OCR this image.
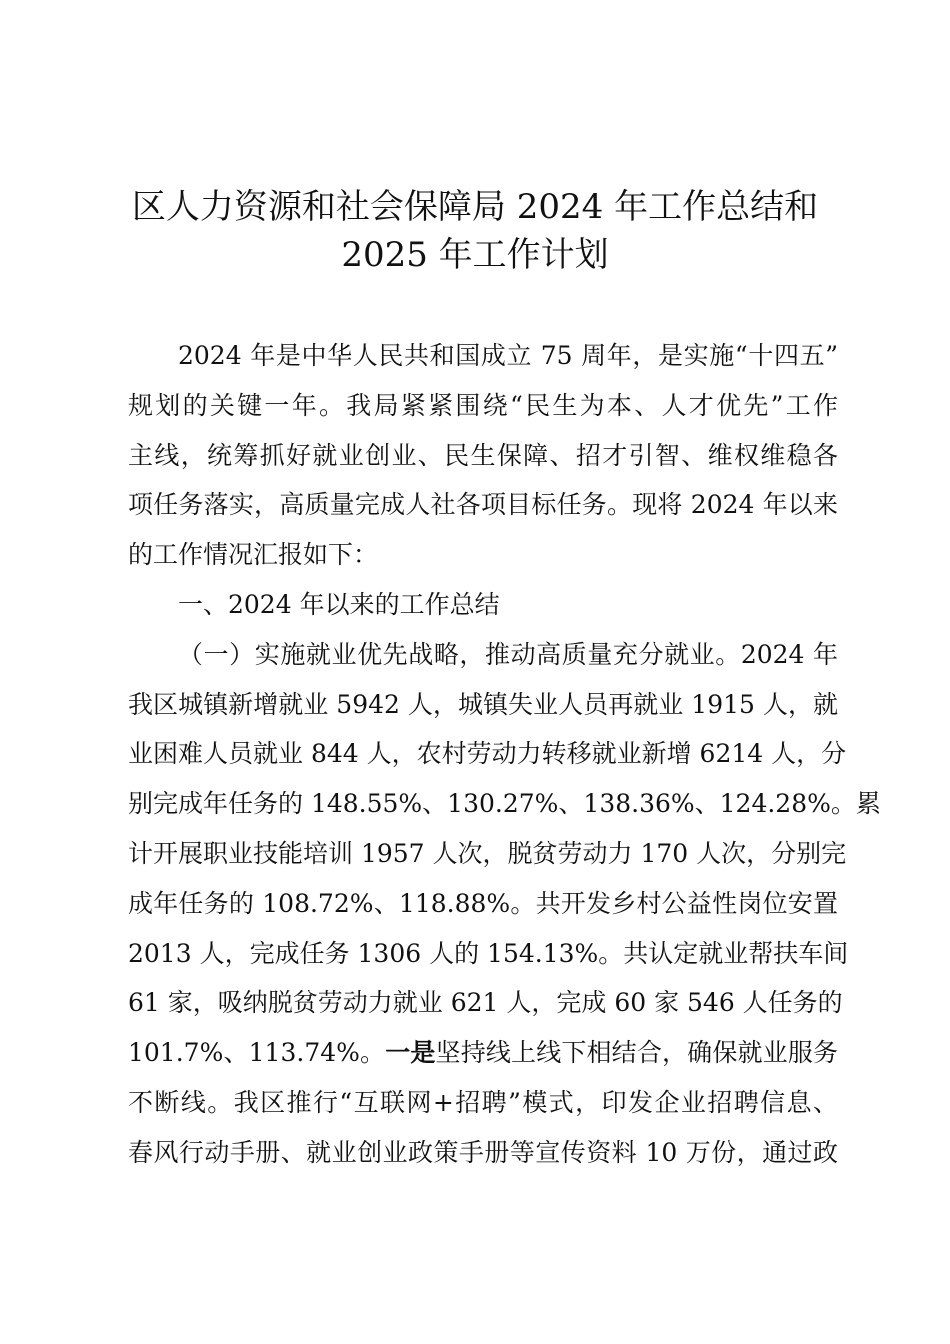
区人力资源和社会保障局 2024 年工作总结和
2025 年工作计划
2024 年是中华人民共和国成立 75 周年，是实施“十四五”
规划的关键一年。我局紧紧围绕“民生为本、人才优先”工作
主线，统筹抓好就业创业、民生保障、招才引智、维权维稳各
项任务落实，高质量完成人社各项目标任务。现将 2024 年以来
的工作情况汇报如下：
一、2024 年以来的工作总结
（一）实施就业优先战略，推动高质量充分就业。2024 年
我区城镇新增就业 5942 人，城镇失业人员再就业 1915 人，就
业困难人员就业 844 人，农村劳动力转移就业新增 6214 人，分
别完成年任务的 148.55%、130.27%、138.36%、124.28%。累
计开展职业技能培训 1957 人次，脱贫劳动力 170 人次，分别完
成年任务的 108.72%、118.88%。共开发乡村公益性岗位安置
2013 人，完成任务 1306 人的 154.13%。共认定就业帮扶车间
61 家，吸纳脱贫劳动力就业 621 人，完成 60 家 546 人任务的
101.7%、113.74%。一是坚持线上线下相结合，确保就业服务
不断线。我区推行“互联网+招聘”模式，印发企业招聘信息、
春风行动手册、就业创业政策手册等宣传资料 10 万份，通过政
